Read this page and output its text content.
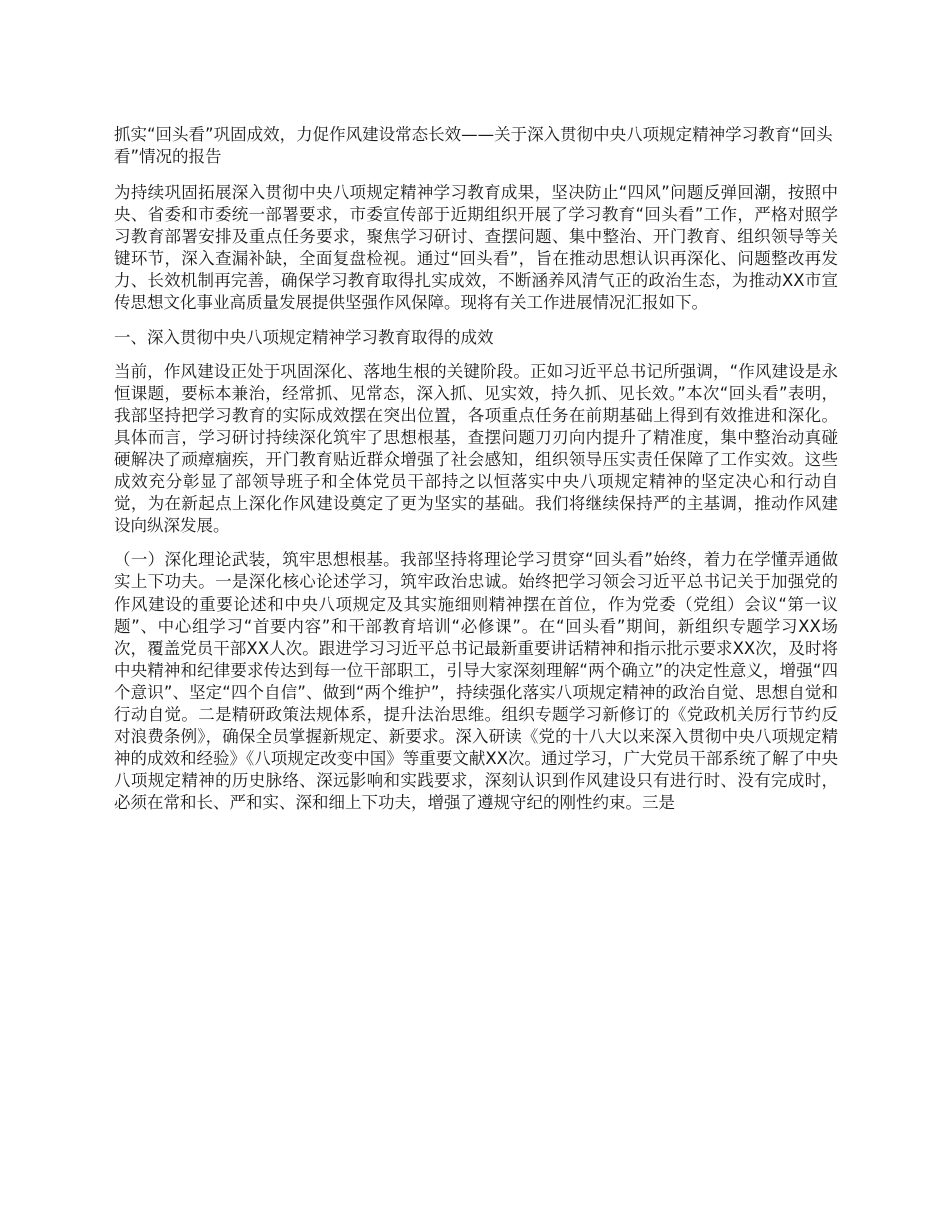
抓实“回头看”巩固成效，力促作风建设常态长效——关于深入贯彻中央八项规定精神学习教育“回头看”情况的报告

为持续巩固拓展深入贯彻中央八项规定精神学习教育成果，坚决防止“四风”问题反弹回潮，按照中央、省委和市委统一部署要求，市委宣传部于近期组织开展了学习教育“回头看”工作，严格对照学习教育部署安排及重点任务要求，聚焦学习研讨、查摆问题、集中整治、开门教育、组织领导等关键环节，深入查漏补缺，全面复盘检视。通过“回头看”，旨在推动思想认识再深化、问题整改再发力、长效机制再完善，确保学习教育取得扎实成效，不断涵养风清气正的政治生态，为推动XX市宣传思想文化事业高质量发展提供坚强作风保障。现将有关工作进展情况汇报如下。

一、深入贯彻中央八项规定精神学习教育取得的成效

当前，作风建设正处于巩固深化、落地生根的关键阶段。正如习近平总书记所强调，“作风建设是永恒课题，要标本兼治，经常抓、见常态，深入抓、见实效，持久抓、见长效。”本次“回头看”表明，我部坚持把学习教育的实际成效摆在突出位置，各项重点任务在前期基础上得到有效推进和深化。具体而言，学习研讨持续深化筑牢了思想根基，查摆问题刀刃向内提升了精准度，集中整治动真碰硬解决了顽瘴痼疾，开门教育贴近群众增强了社会感知，组织领导压实责任保障了工作实效。这些成效充分彰显了部领导班子和全体党员干部持之以恒落实中央八项规定精神的坚定决心和行动自觉，为在新起点上深化作风建设奠定了更为坚实的基础。我们将继续保持严的主基调，推动作风建设向纵深发展。

（一）深化理论武装，筑牢思想根基。我部坚持将理论学习贯穿“回头看”始终，着力在学懂弄通做实上下功夫。一是深化核心论述学习，筑牢政治忠诚。始终把学习领会习近平总书记关于加强党的作风建设的重要论述和中央八项规定及其实施细则精神摆在首位，作为党委（党组）会议“第一议题”、中心组学习“首要内容”和干部教育培训“必修课”。在“回头看”期间，新组织专题学习XX场次，覆盖党员干部XX人次。跟进学习习近平总书记最新重要讲话精神和指示批示要求XX次，及时将中央精神和纪律要求传达到每一位干部职工，引导大家深刻理解“两个确立”的决定性意义，增强“四个意识”、坚定“四个自信”、做到“两个维护”，持续强化落实八项规定精神的政治自觉、思想自觉和行动自觉。二是精研政策法规体系，提升法治思维。组织专题学习新修订的《党政机关厉行节约反对浪费条例》，确保全员掌握新规定、新要求。深入研读《党的十八大以来深入贯彻中央八项规定精神的成效和经验》《八项规定改变中国》等重要文献XX次。通过学习，广大党员干部系统了解了中央八项规定精神的历史脉络、深远影响和实践要求，深刻认识到作风建设只有进行时、没有完成时，必须在常和长、严和实、深和细上下功夫，增强了遵规守纪的刚性约束。三是
